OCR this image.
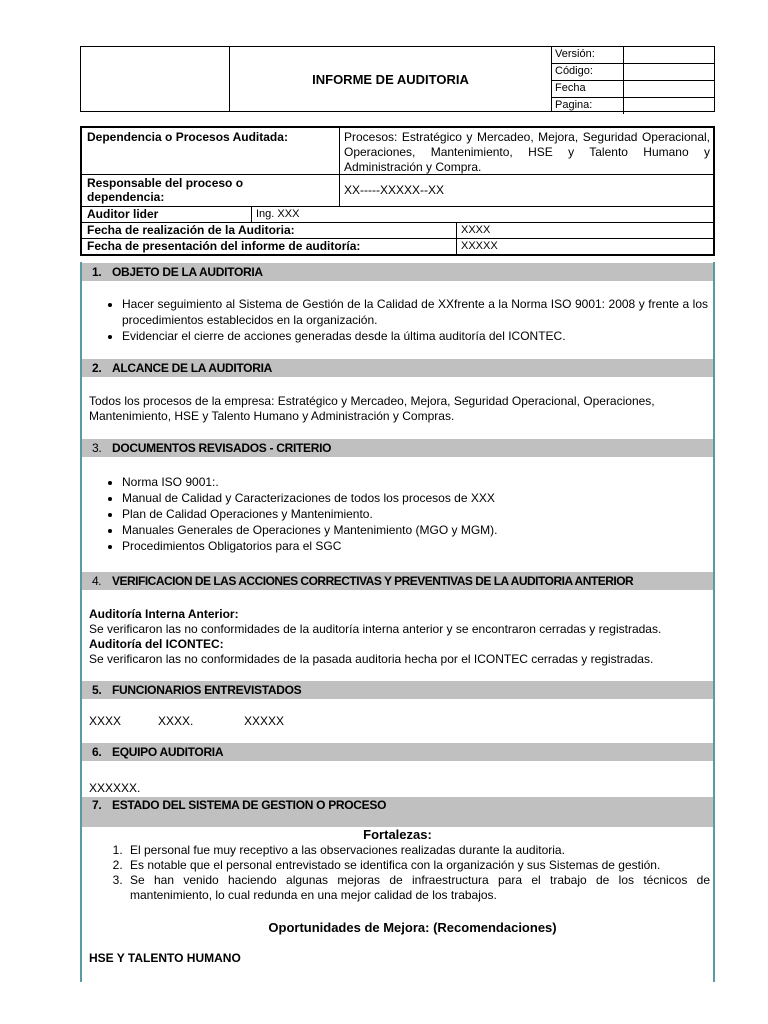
INFORME DE AUDITORIA
Versión:
Código:
Fecha
Pagina:
Dependencia o Procesos Auditada:	Procesos: Estratégico y Mercadeo, Mejora, Seguridad Operacional, Operaciones, Mantenimiento, HSE y Talento Humano y Administración y Compra.
Responsable del proceso o dependencia:	XX-----XXXXX--XX
Auditor lider	Ing. XXX
Fecha de realización de la Auditoria:	XXXX
Fecha de presentación del informe de auditoría:	XXXXX
1. OBJETO DE LA AUDITORIA
• Hacer seguimiento al Sistema de Gestión de la Calidad de XXfrente a la Norma ISO 9001: 2008 y frente a los procedimientos establecidos en la organización.
• Evidenciar el cierre de acciones generadas desde la última auditoría del ICONTEC.
2. ALCANCE DE LA AUDITORIA
Todos los procesos de la empresa: Estratégico y Mercadeo, Mejora, Seguridad Operacional, Operaciones, Mantenimiento, HSE y Talento Humano y Administración y Compras.
3. DOCUMENTOS REVISADOS - CRITERIO
• Norma ISO 9001:.
• Manual de Calidad y Caracterizaciones de todos los procesos de XXX
• Plan de Calidad Operaciones y Mantenimiento.
• Manuales Generales de Operaciones y Mantenimiento (MGO y MGM).
• Procedimientos Obligatorios para el SGC
4. VERIFICACION DE LAS ACCIONES CORRECTIVAS Y PREVENTIVAS DE LA AUDITORIA ANTERIOR
Auditoría Interna Anterior:
Se verificaron las no conformidades de la auditoría interna anterior y se encontraron cerradas y registradas.
Auditoría del ICONTEC:
Se verificaron las no conformidades de la pasada auditoria hecha por el ICONTEC cerradas y registradas.
5. FUNCIONARIOS ENTREVISTADOS
XXXX	XXXX.	XXXXX
6. EQUIPO AUDITORIA
XXXXXX.
7. ESTADO DEL SISTEMA DE GESTION O PROCESO
Fortalezas:
1. El personal fue muy receptivo a las observaciones realizadas durante la auditoria.
2. Es notable que el personal entrevistado se identifica con la organización y sus Sistemas de gestión.
3. Se han venido haciendo algunas mejoras de infraestructura para el trabajo de los técnicos de mantenimiento, lo cual redunda en una mejor calidad de los trabajos.
Oportunidades de Mejora: (Recomendaciones)
HSE Y TALENTO HUMANO
